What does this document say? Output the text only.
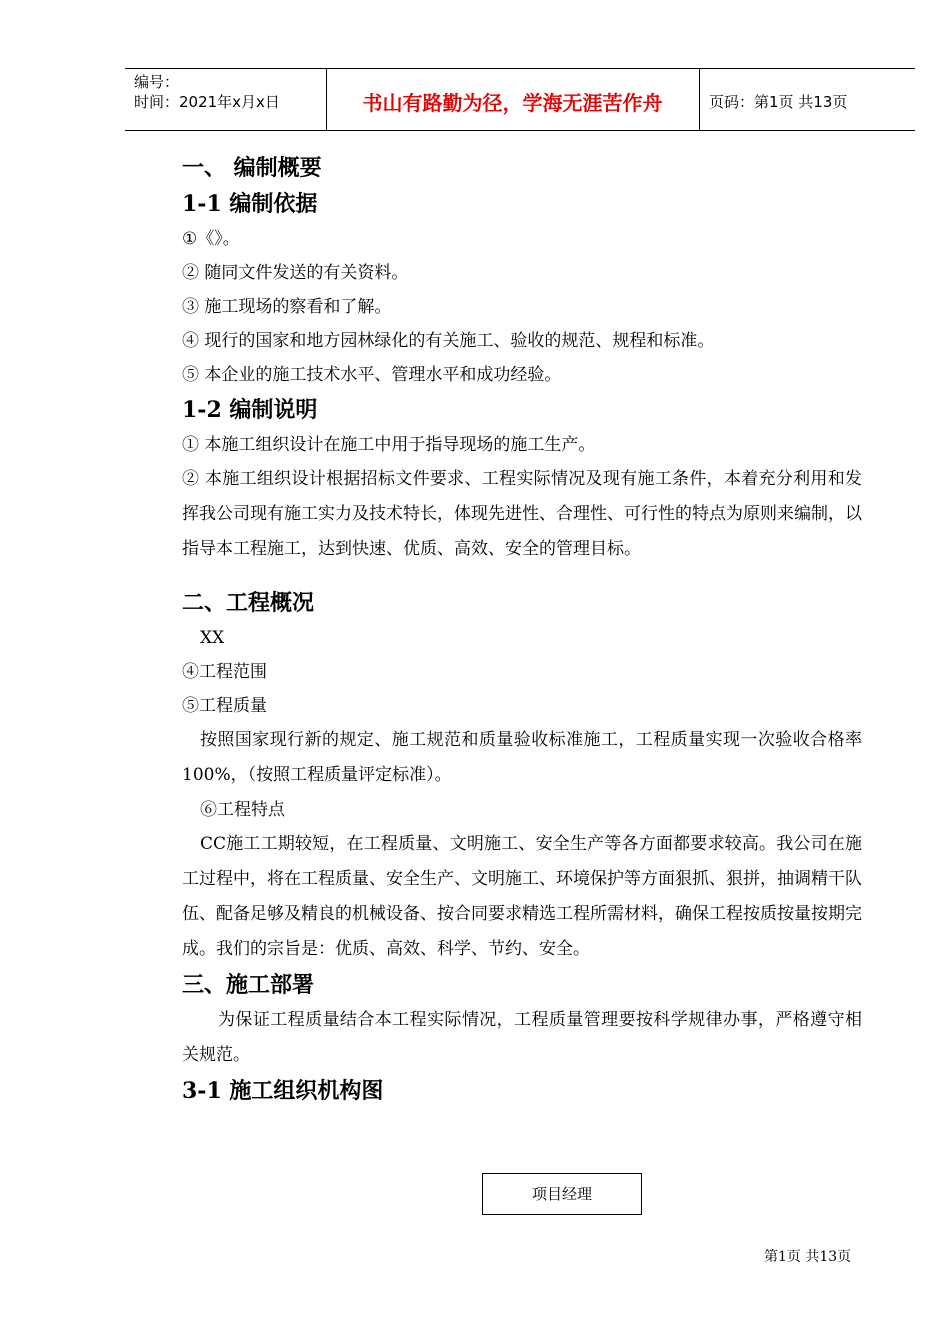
编号：
时间：2021年x月x日	书山有路勤为径，学海无涯苦作舟	页码：第1页 共13页
一、 编制概要
1-1 编制依据

①《》。

② 随同文件发送的有关资料。

③ 施工现场的察看和了解。

④ 现行的国家和地方园林绿化的有关施工、验收的规范、规程和标准。

⑤ 本企业的施工技术水平、管理水平和成功经验。

1-2 编制说明

① 本施工组织设计在施工中用于指导现场的施工生产。

② 本施工组织设计根据招标文件要求、工程实际情况及现有施工条件，本着充分利用和发挥我公司现有施工实力及技术特长，体现先进性、合理性、可行性的特点为原则来编制，以指导本工程施工，达到快速、优质、高效、安全的管理目标。

二、工程概况

XX

④工程范围

⑤工程质量

按照国家现行新的规定、施工规范和质量验收标准施工，工程质量实现一次验收合格率100%，（按照工程质量评定标准）。

⑥工程特点

CC施工工期较短，在工程质量、文明施工、安全生产等各方面都要求较高。我公司在施工过程中，将在工程质量、安全生产、文明施工、环境保护等方面狠抓、狠拼，抽调精干队伍、配备足够及精良的机械设备、按合同要求精选工程所需材料，确保工程按质按量按期完成。我们的宗旨是：优质、高效、科学、节约、安全。

三、施工部署

为保证工程质量结合本工程实际情况，工程质量管理要按科学规律办事，严格遵守相关规范。

3-1 施工组织机构图
项目经理
第1页 共13页
